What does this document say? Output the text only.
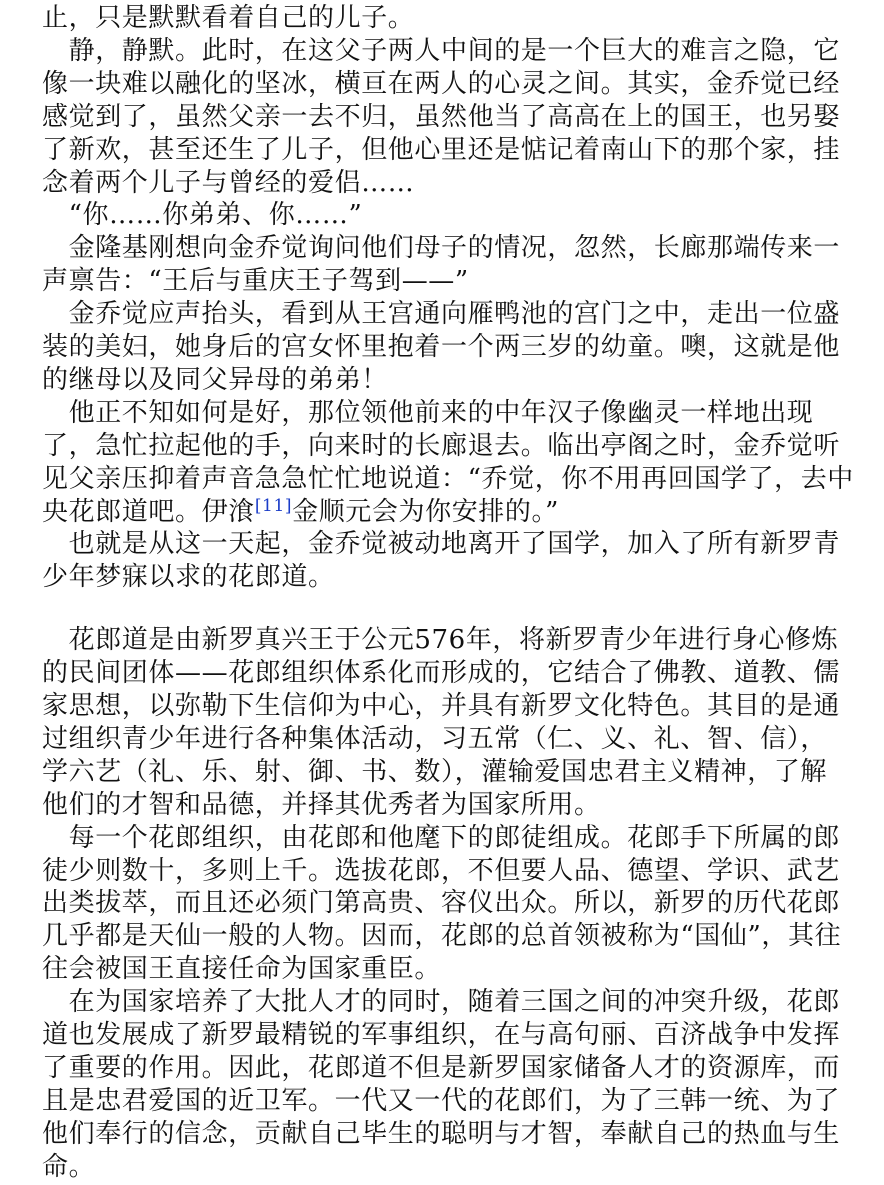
止，只是默默看着自己的儿子。
　静，静默。此时，在这父子两人中间的是一个巨大的难言之隐，它
像一块难以融化的坚冰，横亘在两人的心灵之间。其实，金乔觉已经
感觉到了，虽然父亲一去不归，虽然他当了高高在上的国王，也另娶
了新欢，甚至还生了儿子，但他心里还是惦记着南山下的那个家，挂
念着两个儿子与曾经的爱侣……
　“你……你弟弟、你……”
　金隆基刚想向金乔觉询问他们母子的情况，忽然，长廊那端传来一
声禀告：“王后与重庆王子驾到——”
　金乔觉应声抬头，看到从王宫通向雁鸭池的宫门之中，走出一位盛
装的美妇，她身后的宫女怀里抱着一个两三岁的幼童。噢，这就是他
的继母以及同父异母的弟弟！
　他正不知如何是好，那位领他前来的中年汉子像幽灵一样地出现
了，急忙拉起他的手，向来时的长廊退去。临出亭阁之时，金乔觉听
见父亲压抑着声音急急忙忙地说道：“乔觉，你不用再回国学了，去中
央花郎道吧。伊湌[11]金顺元会为你安排的。”
　也就是从这一天起，金乔觉被动地离开了国学，加入了所有新罗青
少年梦寐以求的花郎道。
　花郎道是由新罗真兴王于公元576年，将新罗青少年进行身心修炼
的民间团体——花郎组织体系化而形成的，它结合了佛教、道教、儒
家思想，以弥勒下生信仰为中心，并具有新罗文化特色。其目的是通
过组织青少年进行各种集体活动，习五常（仁、义、礼、智、信），
学六艺（礼、乐、射、御、书、数），灌输爱国忠君主义精神，了解
他们的才智和品德，并择其优秀者为国家所用。
　每一个花郎组织，由花郎和他麾下的郎徒组成。花郎手下所属的郎
徒少则数十，多则上千。选拔花郎，不但要人品、德望、学识、武艺
出类拔萃，而且还必须门第高贵、容仪出众。所以，新罗的历代花郎
几乎都是天仙一般的人物。因而，花郎的总首领被称为“国仙”，其往
往会被国王直接任命为国家重臣。
　在为国家培养了大批人才的同时，随着三国之间的冲突升级，花郎
道也发展成了新罗最精锐的军事组织，在与高句丽、百济战争中发挥
了重要的作用。因此，花郎道不但是新罗国家储备人才的资源库，而
且是忠君爱国的近卫军。一代又一代的花郎们，为了三韩一统、为了
他们奉行的信念，贡献自己毕生的聪明与才智，奉献自己的热血与生
命。
